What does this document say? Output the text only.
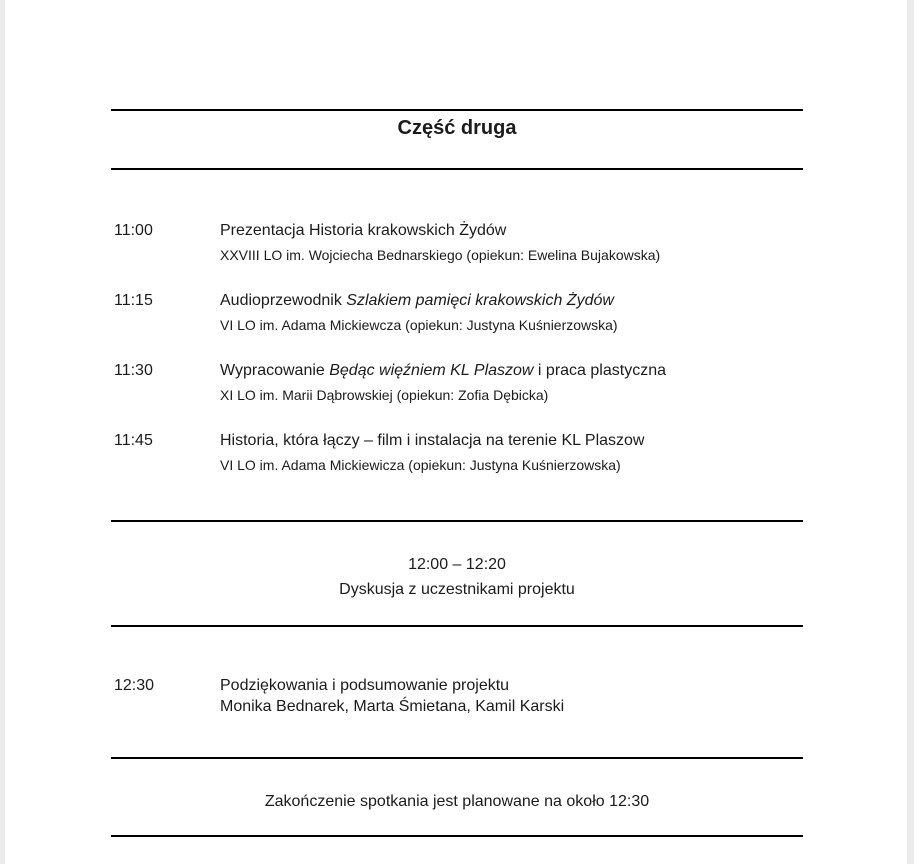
Część druga
11:00	Prezentacja Historia krakowskich Żydów
XXVIII LO im. Wojciecha Bednarskiego (opiekun: Ewelina Bujakowska)
11:15	Audioprzewodnik Szlakiem pamięci krakowskich Żydów
VI LO im. Adama Mickiewcza (opiekun: Justyna Kuśnierzowska)
11:30	Wypracowanie Będąc więźniem KL Plaszow i praca plastyczna
XI LO im. Marii Dąbrowskiej (opiekun: Zofia Dębicka)
11:45	Historia, która łączy – film i instalacja na terenie KL Plaszow
VI LO im. Adama Mickiewicza (opiekun: Justyna Kuśnierzowska)
12:00 – 12:20
Dyskusja z uczestnikami projektu
12:30	Podziękowania i podsumowanie projektu
Monika Bednarek, Marta Śmietana, Kamil Karski
Zakończenie spotkania jest planowane na około 12:30
